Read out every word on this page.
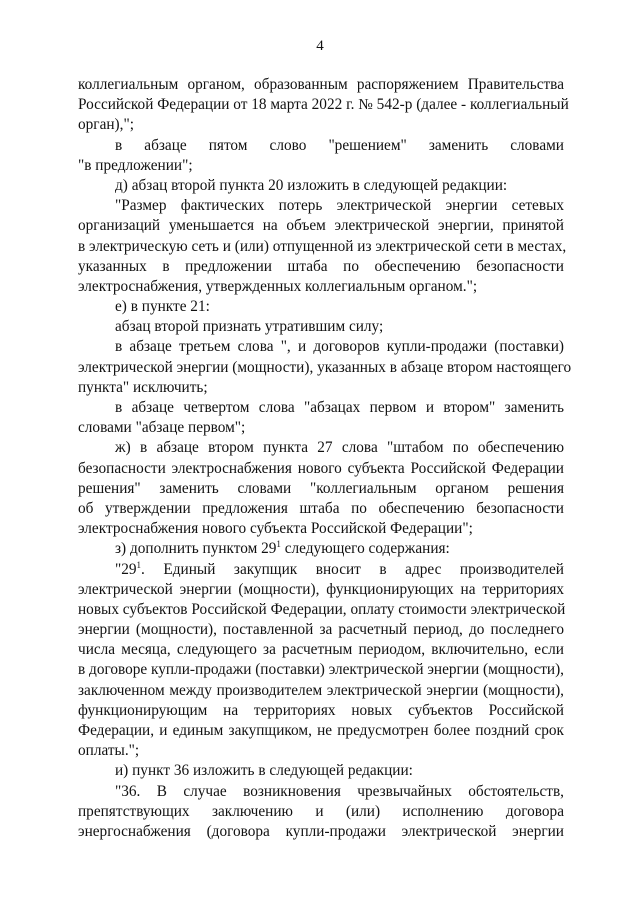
4
коллегиальным органом, образованным распоряжением Правительства
Российской Федерации от 18 марта 2022 г. № 542-р (далее - коллегиальный
орган),";
в абзаце пятом слово "решением" заменить словами
"в предложении";
д) абзац второй пункта 20 изложить в следующей редакции:
"Размер фактических потерь электрической энергии сетевых
организаций уменьшается на объем электрической энергии, принятой
в электрическую сеть и (или) отпущенной из электрической сети в местах,
указанных в предложении штаба по обеспечению безопасности
электроснабжения, утвержденных коллегиальным органом.";
е) в пункте 21:
абзац второй признать утратившим силу;
в абзаце третьем слова ", и договоров купли-продажи (поставки)
электрической энергии (мощности), указанных в абзаце втором настоящего
пункта" исключить;
в абзаце четвертом слова "абзацах первом и втором" заменить
словами "абзаце первом";
ж) в абзаце втором пункта 27 слова "штабом по обеспечению
безопасности электроснабжения нового субъекта Российской Федерации
решения" заменить словами "коллегиальным органом решения
об утверждении предложения штаба по обеспечению безопасности
электроснабжения нового субъекта Российской Федерации";
з) дополнить пунктом $29^1$ следующего содержания:
"$29^1$. Единый закупщик вносит в адрес производителей
электрической энергии (мощности), функционирующих на территориях
новых субъектов Российской Федерации, оплату стоимости электрической
энергии (мощности), поставленной за расчетный период, до последнего
числа месяца, следующего за расчетным периодом, включительно, если
в договоре купли-продажи (поставки) электрической энергии (мощности),
заключенном между производителем электрической энергии (мощности),
функционирующим на территориях новых субъектов Российской
Федерации, и единым закупщиком, не предусмотрен более поздний срок
оплаты.";
и) пункт 36 изложить в следующей редакции:
"36. В случае возникновения чрезвычайных обстоятельств,
препятствующих заключению и (или) исполнению договора
энергоснабжения (договора купли-продажи электрической энергии
